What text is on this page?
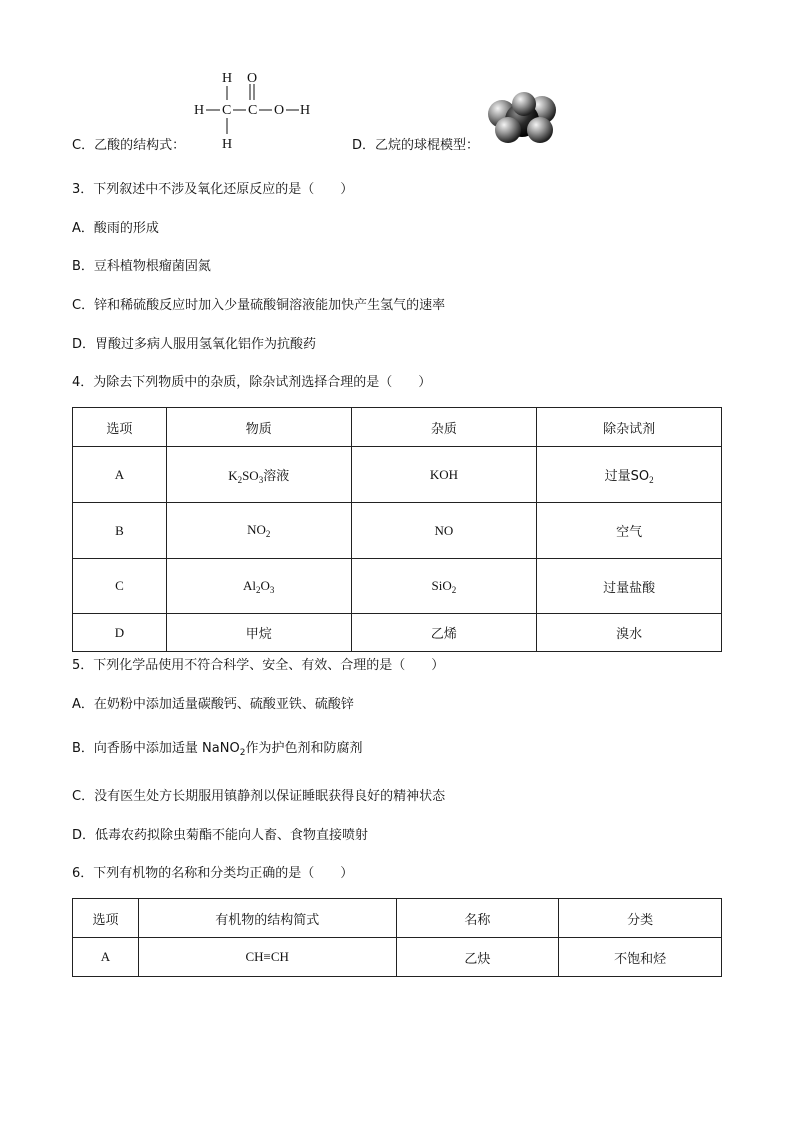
H O
H C C O H
H
C．乙酸的结构式：	D．乙烷的球棍模型：
3．下列叙述中不涉及氧化还原反应的是（　　）
A．酸雨的形成
B．豆科植物根瘤菌固氮
C．锌和稀硫酸反应时加入少量硫酸铜溶液能加快产生氢气的速率
D．胃酸过多病人服用氢氧化铝作为抗酸药
4．为除去下列物质中的杂质，除杂试剂选择合理的是（　　）
选项	物质	杂质	除杂试剂
A	$K_2SO_3$溶液	KOH	过量$SO_2$
B	$NO_2$	NO	空气
C	$Al_2O_3$	SiO$_2$	过量盐酸
D	甲烷	乙烯	溴水
5．下列化学品使用不符合科学、安全、有效、合理的是（　　）
A．在奶粉中添加适量碳酸钙、硫酸亚铁、硫酸锌
B．向香肠中添加适量 NaNO$_2$作为护色剂和防腐剂
C．没有医生处方长期服用镇静剂以保证睡眠获得良好的精神状态
D．低毒农药拟除虫菊酯不能向人畜、食物直接喷射
6．下列有机物的名称和分类均正确的是（　　）
选项	有机物的结构简式	名称	分类
A	CH≡CH	乙炔	不饱和烃
